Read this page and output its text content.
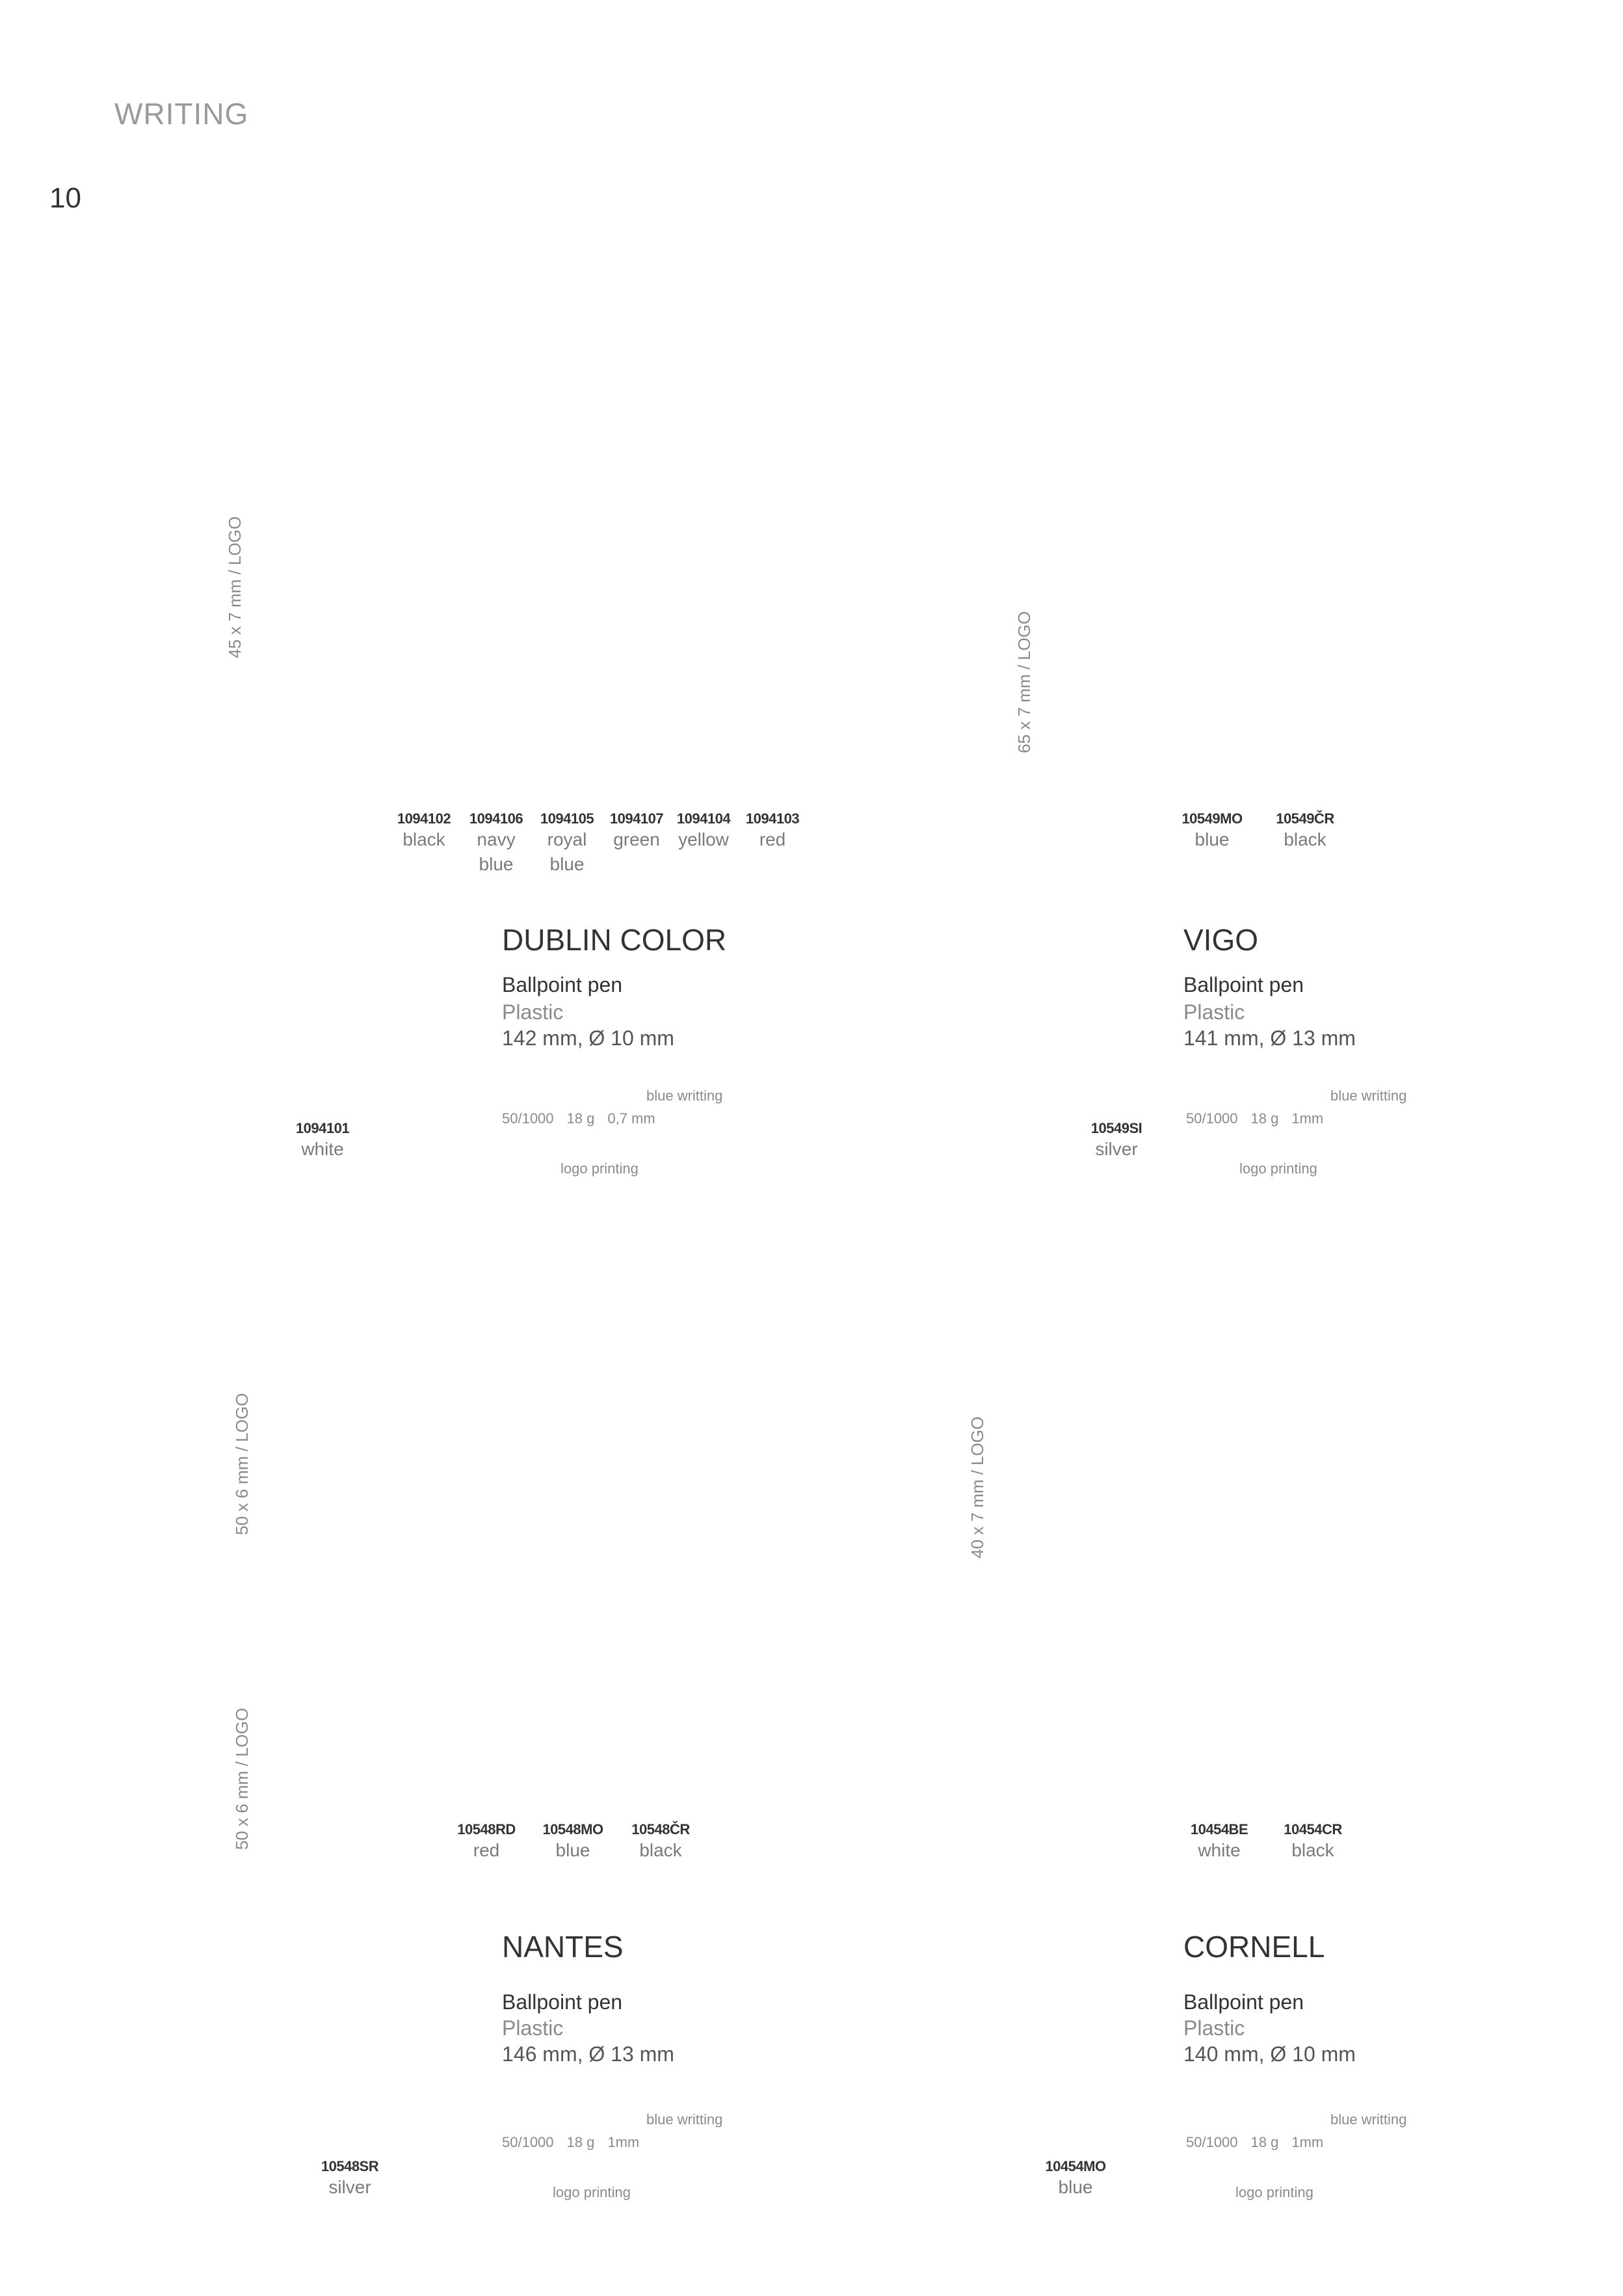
WRITING
10
45 x 7 mm / LOGO
1094102
black
1094106
navy
blue
1094105
royal
blue
1094107
green
1094104
yellow
1094103
red
DUBLIN COLOR
Ballpoint pen
Plastic
142 mm, Ø 10 mm
blue writting
50/1000 18 g 0,7 mm
1094101
white
logo printing
65 x 7 mm / LOGO
10549MO
blue
10549ČR
black
VIGO
Ballpoint pen
Plastic
141 mm, Ø 13 mm
blue writting
50/1000 18 g 1mm
10549SI
silver
logo printing
50 x 6 mm / LOGO
50 x 6 mm / LOGO	10548RD
red
10548MO
blue
10548ČR
black
NANTES
Ballpoint pen
Plastic
146 mm, Ø 13 mm
blue writting
50/1000 18 g 1mm
10548SR
silver	logo printing
40 x 7 mm / LOGO
10454BE
white
10454CR
black
CORNELL
Ballpoint pen
Plastic
140 mm, Ø 10 mm
blue writting
50/1000 18 g 1mm
10454MO
blue	logo printing
